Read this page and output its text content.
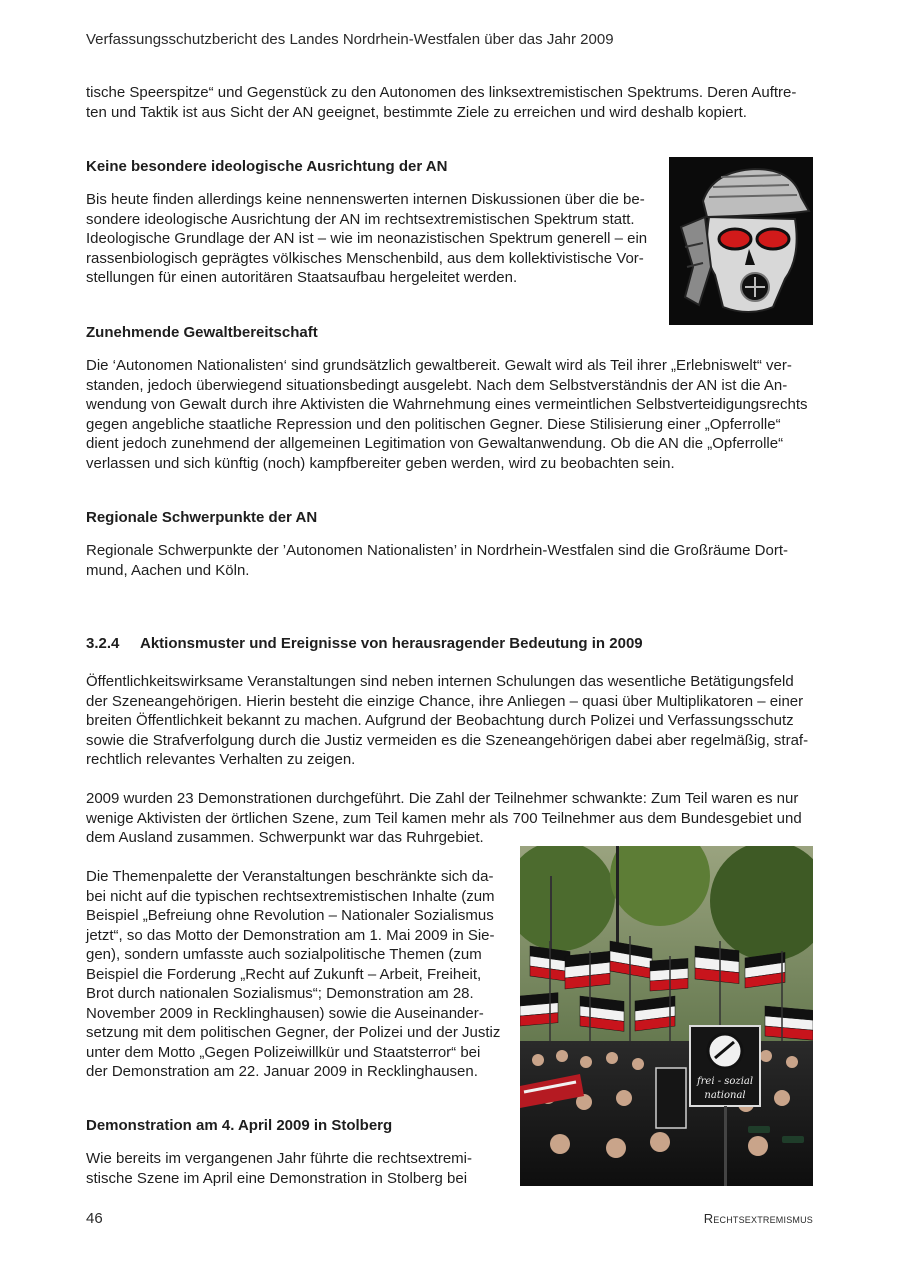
Verfassungsschutzbericht des Landes Nordrhein-Westfalen über das Jahr 2009

tische Speerspitze“ und Gegenstück zu den Autonomen des linksextremistischen Spektrums. Deren Auftre-
ten und Taktik ist aus Sicht der AN geeignet, bestimmte Ziele zu erreichen und wird deshalb kopiert.

Keine besondere ideologische Ausrichtung der AN

Bis heute finden allerdings keine nennenswerten internen Diskussionen über die be-
sondere ideologische Ausrichtung der AN im rechtsextremistischen Spektrum statt.
Ideologische Grundlage der AN ist – wie im neonazistischen Spektrum generell – ein
rassenbiologisch geprägtes völkisches Menschenbild, aus dem kollektivistische Vor-
stellungen für einen autoritären Staatsaufbau hergeleitet werden.

Zunehmende Gewaltbereitschaft

Die ‘Autonomen Nationalisten‘ sind grundsätzlich gewaltbereit. Gewalt wird als Teil ihrer „Erlebniswelt“ ver-
standen, jedoch überwiegend situationsbedingt ausgelebt. Nach dem Selbstverständnis der AN ist die An-
wendung von Gewalt durch ihre Aktivisten die Wahrnehmung eines vermeintlichen Selbstverteidigungsrechts
gegen angebliche staatliche Repression und den politischen Gegner. Diese Stilisierung einer „Opferrolle“
dient jedoch zunehmend der allgemeinen Legitimation von Gewaltanwendung. Ob die AN die „Opferrolle“
verlassen und sich künftig (noch) kampfbereiter geben werden, wird zu beobachten sein.

Regionale Schwerpunkte der AN

Regionale Schwerpunkte der ’Autonomen Nationalisten’ in Nordrhein-Westfalen sind die Großräume Dort-
mund, Aachen und Köln.

3.2.4 Aktionsmuster und Ereignisse von herausragender Bedeutung in 2009

Öffentlichkeitswirksame Veranstaltungen sind neben internen Schulungen das wesentliche Betätigungsfeld
der Szeneangehörigen. Hierin besteht die einzige Chance, ihre Anliegen – quasi über Multiplikatoren – einer
breiten Öffentlichkeit bekannt zu machen. Aufgrund der Beobachtung durch Polizei und Verfassungsschutz
sowie die Strafverfolgung durch die Justiz vermeiden es die Szeneangehörigen dabei aber regelmäßig, straf-
rechtlich relevantes Verhalten zu zeigen.

2009 wurden 23 Demonstrationen durchgeführt. Die Zahl der Teilnehmer schwankte: Zum Teil waren es nur
wenige Aktivisten der örtlichen Szene, zum Teil kamen mehr als 700 Teilnehmer aus dem Bundesgebiet und
dem Ausland zusammen. Schwerpunkt war das Ruhrgebiet.

Die Themenpalette der Veranstaltungen beschränkte sich da-
bei nicht auf die typischen rechtsextremistischen Inhalte (zum
Beispiel „Befreiung ohne Revolution – Nationaler Sozialismus
jetzt“, so das Motto der Demonstration am 1. Mai 2009 in Sie-
gen), sondern umfasste auch sozialpolitische Themen (zum
Beispiel die Forderung „Recht auf Zukunft – Arbeit, Freiheit,
Brot durch nationalen Sozialismus“; Demonstration am 28.
November 2009 in Recklinghausen) sowie die Auseinander-
setzung mit dem politischen Gegner, der Polizei und der Justiz
unter dem Motto „Gegen Polizeiwillkür und Staatsterror“ bei
der Demonstration am 22. Januar 2009 in Recklinghausen.

frei - sozial
national
Demonstration am 4. April 2009 in Stolberg

Wie bereits im vergangenen Jahr führte die rechtsextremi-
stische Szene im April eine Demonstration in Stolberg bei

46	Rechtsextremismus
